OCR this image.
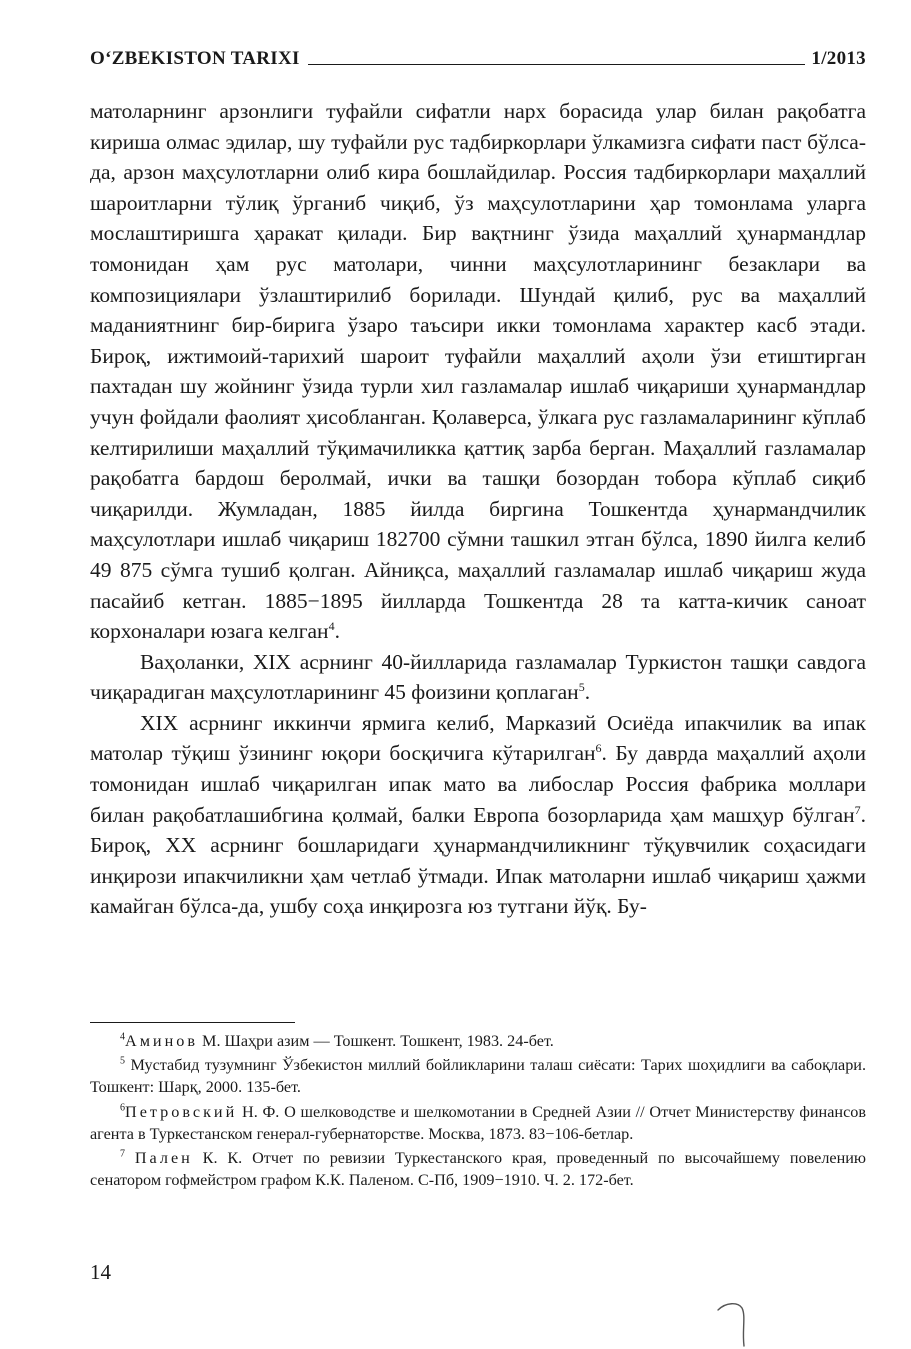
O‘ZBEKISTON TARIXI	1/2013

матоларнинг арзонлиги туфайли сифатли нарх борасида улар билан рақобатга кириша олмас эдилар, шу туфайли рус тадбиркорлари ўлкамизга сифати паст бўлса-да, арзон маҳсулотларни олиб кира бошлайдилар. Россия тадбиркорлари маҳаллий шароитларни тўлиқ ўрганиб чиқиб, ўз маҳсулотларини ҳар томонлама уларга мослаштиришга ҳаракат қилади. Бир вақтнинг ўзида маҳаллий ҳунармандлар томонидан ҳам рус матолари, чинни маҳсулотларининг безаклари ва композициялари ўзлаштирилиб борилади. Шундай қилиб, рус ва маҳаллий маданиятнинг бир-бирига ўзаро таъсири икки томонлама характер касб этади. Бироқ, ижтимоий-тарихий шароит туфайли маҳаллий аҳоли ўзи етиштирган пахтадан шу жойнинг ўзида турли хил газламалар ишлаб чиқариши ҳунармандлар учун фойдали фаолият ҳисобланган. Қолаверса, ўлкага рус газламаларининг кўплаб келтирилиши маҳаллий тўқимачиликка қаттиқ зарба берган. Маҳаллий газламалар рақобатга бардош беролмай, ички ва ташқи бозордан тобора кўплаб сиқиб чиқарилди. Жумладан, 1885 йилда биргина Тошкентда ҳунармандчилик маҳсулотлари ишлаб чиқариш 182700 сўмни ташкил этган бўлса, 1890 йилга келиб 49 875 сўмга тушиб қолган. Айниқса, маҳаллий газламалар ишлаб чиқариш жуда пасайиб кетган. 1885−1895 йилларда Тошкентда 28 та катта-кичик саноат корхоналари юзага келган$^4$.

Ваҳоланки, XIX асрнинг 40-йилларида газламалар Туркистон ташқи савдога чиқарадиган маҳсулотларининг 45 фоизини қоплаган$^5$.

XIX асрнинг иккинчи ярмига келиб, Марказий Осиёда ипакчилик ва ипак матолар тўқиш ўзининг юқори босқичига кўтарилган$^6$. Бу даврда маҳаллий аҳоли томонидан ишлаб чиқарилган ипак мато ва либослар Россия фабрика моллари билан рақобатлашибгина қолмай, балки Европа бозорларида ҳам машҳур бўлган$^7$. Бироқ, XX асрнинг бошларидаги ҳунармандчиликнинг тўқувчилик соҳасидаги инқирози ипакчиликни ҳам четлаб ўтмади. Ипак матоларни ишлаб чиқариш ҳажми камайган бўлса-да, ушбу соҳа инқирозга юз тутгани йўқ. Бу-

$^4$Аминов М. Шаҳри азим — Тошкент. Тошкент, 1983. 24-бет.

$^5$ Мустабид тузумнинг Ўзбекистон миллий бойликларини талаш сиёсати: Тарих шоҳидлиги ва сабоқлари. Тошкент: Шарқ, 2000. 135-бет.

$^6$Петровский Н. Ф. О шелководстве и шелкомотании в Средней Азии // Отчет Министерству финансов агента в Туркестанском генерал-губернаторстве. Москва, 1873. 83−106-бетлар.

$^7$ Пален К. К. Отчет по ревизии Туркестанского края, проведенный по высочайшему повелению сенатором гофмейстром графом К.К. Паленом. С-Пб, 1909−1910. Ч. 2. 172-бет.

14
